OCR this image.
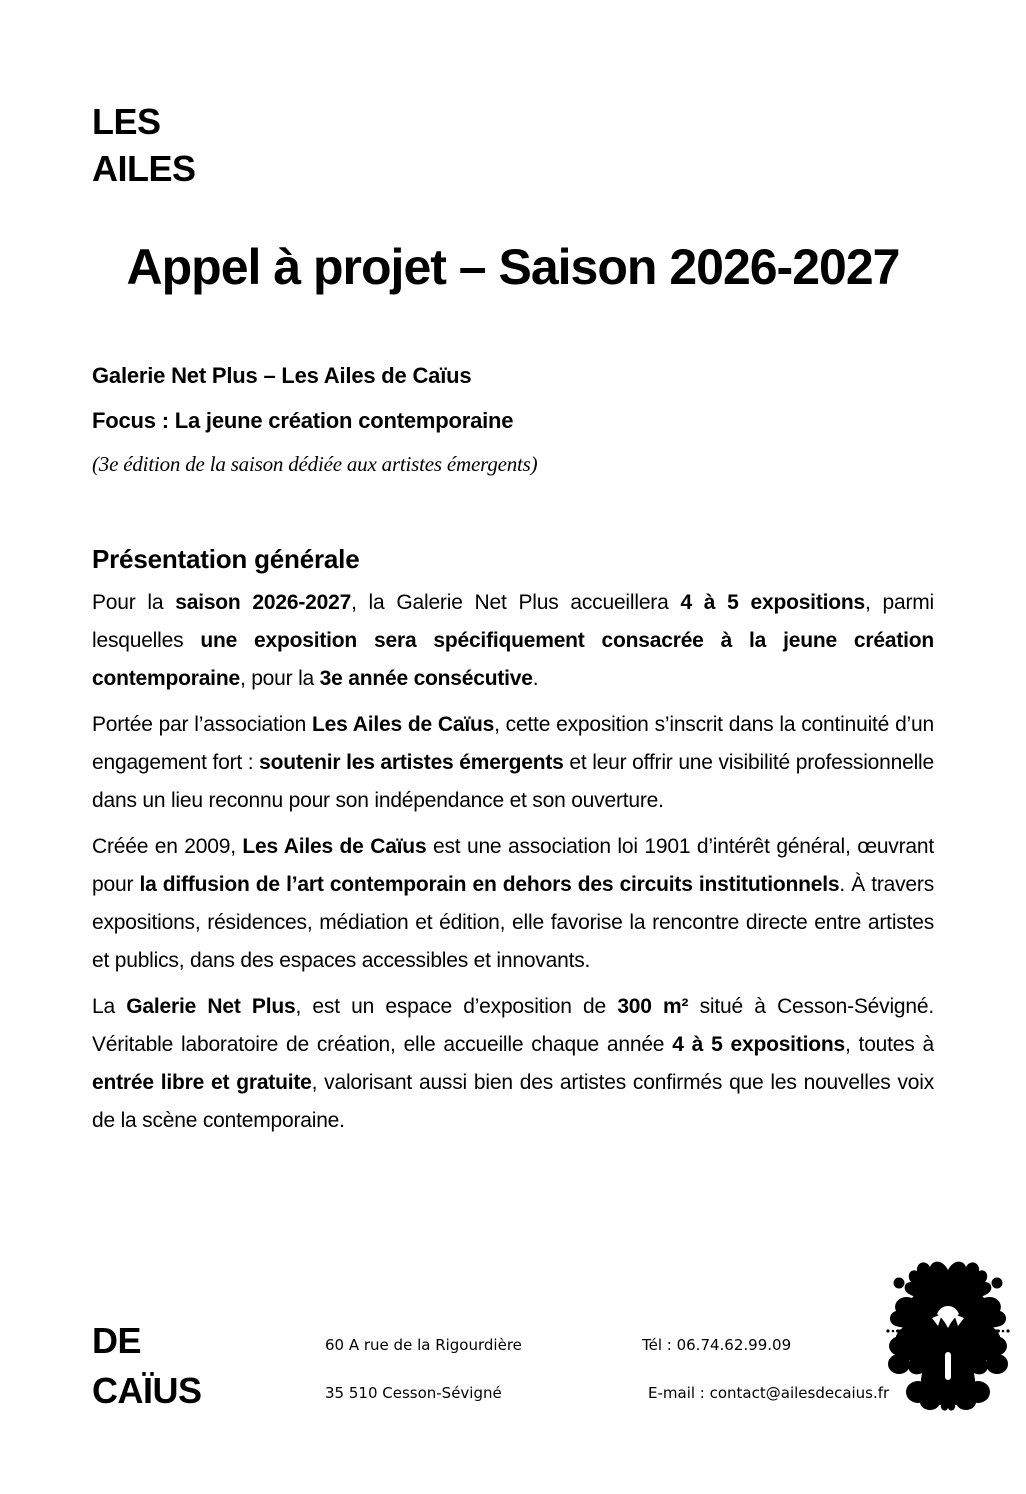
LES
AILES
Appel à projet – Saison 2026-2027
Galerie Net Plus – Les Ailes de Caïus
Focus : La jeune création contemporaine
(3e édition de la saison dédiée aux artistes émergents)
Présentation générale

Pour la saison 2026-2027, la Galerie Net Plus accueillera 4 à 5 expositions, parmi lesquelles une exposition sera spécifiquement consacrée à la jeune création contemporaine, pour la 3e année consécutive.

Portée par l’association Les Ailes de Caïus, cette exposition s’inscrit dans la continuité d’un engagement fort : soutenir les artistes émergents et leur offrir une visibilité professionnelle dans un lieu reconnu pour son indépendance et son ouverture.

Créée en 2009, Les Ailes de Caïus est une association loi 1901 d’intérêt général, œuvrant pour la diffusion de l’art contemporain en dehors des circuits institutionnels. À travers expositions, résidences, médiation et édition, elle favorise la rencontre directe entre artistes et publics, dans des espaces accessibles et innovants.

La Galerie Net Plus, est un espace d’exposition de 300 m² situé à Cesson-Sévigné. Véritable laboratoire de création, elle accueille chaque année 4 à 5 expositions, toutes à entrée libre et gratuite, valorisant aussi bien des artistes confirmés que les nouvelles voix de la scène contemporaine.

DE
CAÏUS
60 A rue de la Rigourdière
35 510 Cesson-Sévigné
Tél : 06.74.62.99.09
E-mail : contact@ailesdecaius.fr
